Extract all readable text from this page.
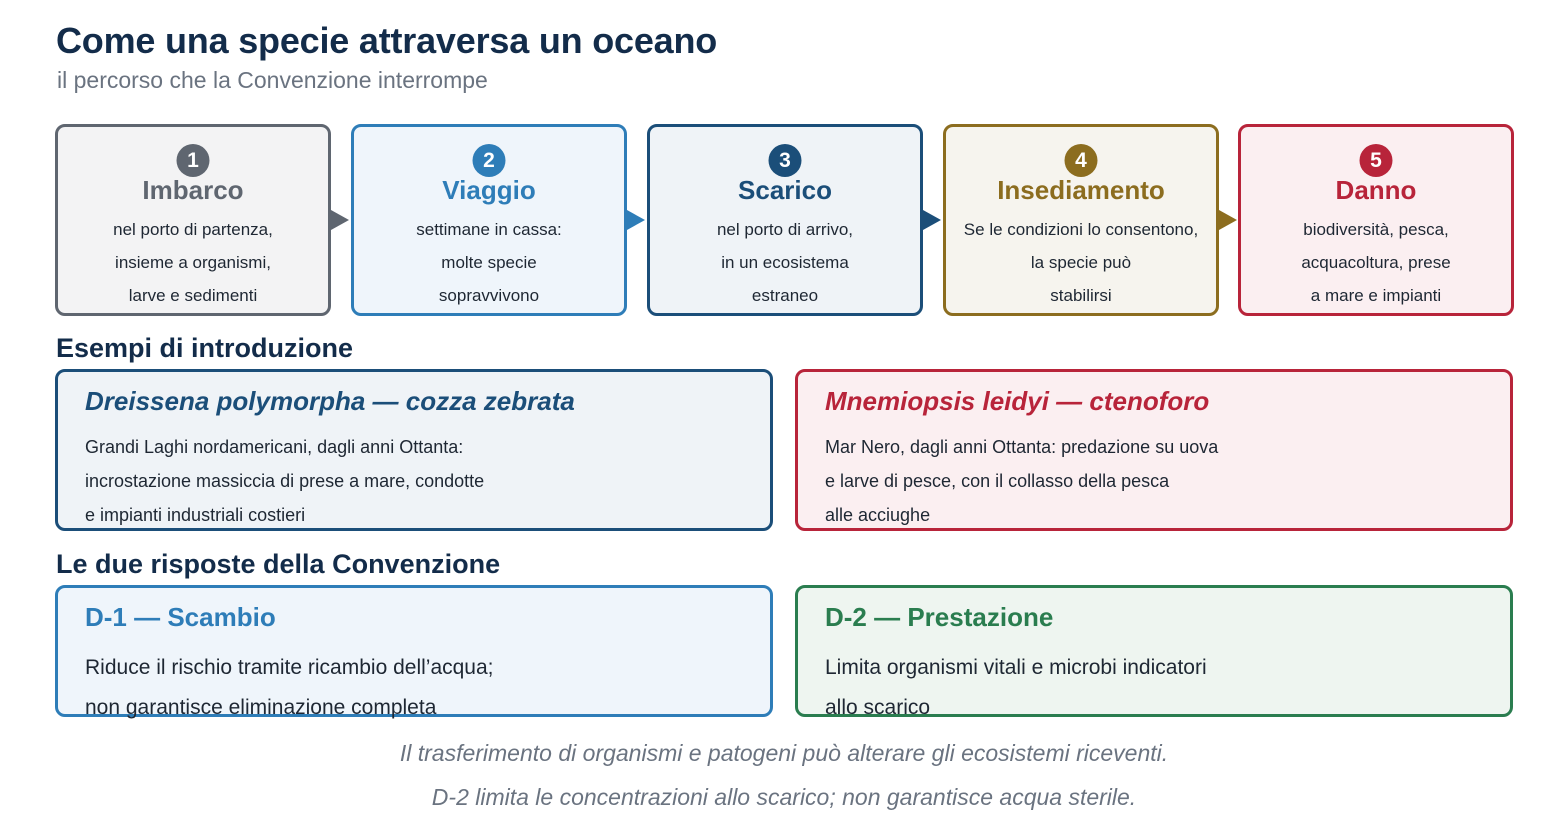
Come una specie attraversa un oceano
il percorso che la Convenzione interrompe
1
Imbarco
nel porto di partenza,
insieme a organismi,
larve e sedimenti
2
Viaggio
settimane in cassa:
molte specie
sopravvivono
3
Scarico
nel porto di arrivo,
in un ecosistema
estraneo
4
Insediamento
Se le condizioni lo consentono,
la specie può
stabilirsi
5
Danno
biodiversità, pesca,
acquacoltura, prese
a mare e impianti
Esempi di introduzione
Dreissena polymorpha — cozza zebrata
Grandi Laghi nordamericani, dagli anni Ottanta:
incrostazione massiccia di prese a mare, condotte
e impianti industriali costieri
Mnemiopsis leidyi — ctenoforo
Mar Nero, dagli anni Ottanta: predazione su uova
e larve di pesce, con il collasso della pesca
alle acciughe
Le due risposte della Convenzione
D-1 — Scambio
Riduce il rischio tramite ricambio dell’acqua;
non garantisce eliminazione completa
D-2 — Prestazione
Limita organismi vitali e microbi indicatori
allo scarico
Il trasferimento di organismi e patogeni può alterare gli ecosistemi riceventi.
D-2 limita le concentrazioni allo scarico; non garantisce acqua sterile.
